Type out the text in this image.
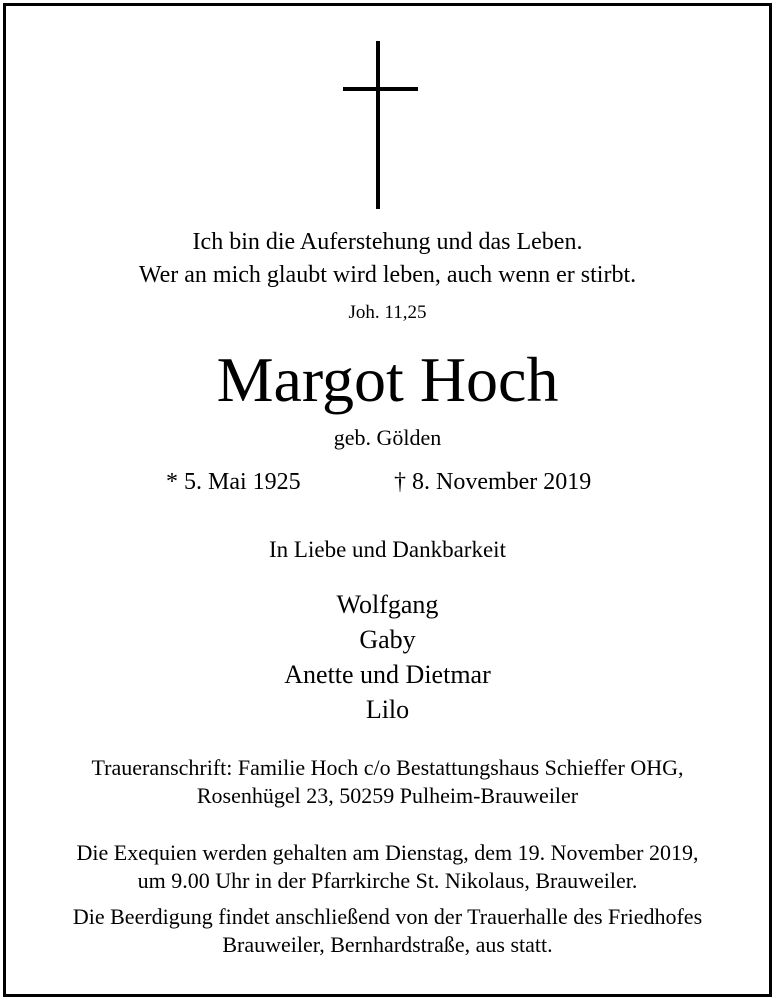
Ich bin die Auferstehung und das Leben.
Wer an mich glaubt wird leben, auch wenn er stirbt.
Joh. 11,25
Margot Hoch
geb. Gölden
* 5. Mai 1925	† 8. November 2019
In Liebe und Dankbarkeit
Wolfgang
Gaby
Anette und Dietmar
Lilo
Traueranschrift: Familie Hoch c/o Bestattungshaus Schieffer OHG,
Rosenhügel 23, 50259 Pulheim-Brauweiler
Die Exequien werden gehalten am Dienstag, dem 19. November 2019,
um 9.00 Uhr in der Pfarrkirche St. Nikolaus, Brauweiler.
Die Beerdigung findet anschließend von der Trauerhalle des Friedhofes
Brauweiler, Bernhardstraße, aus statt.
